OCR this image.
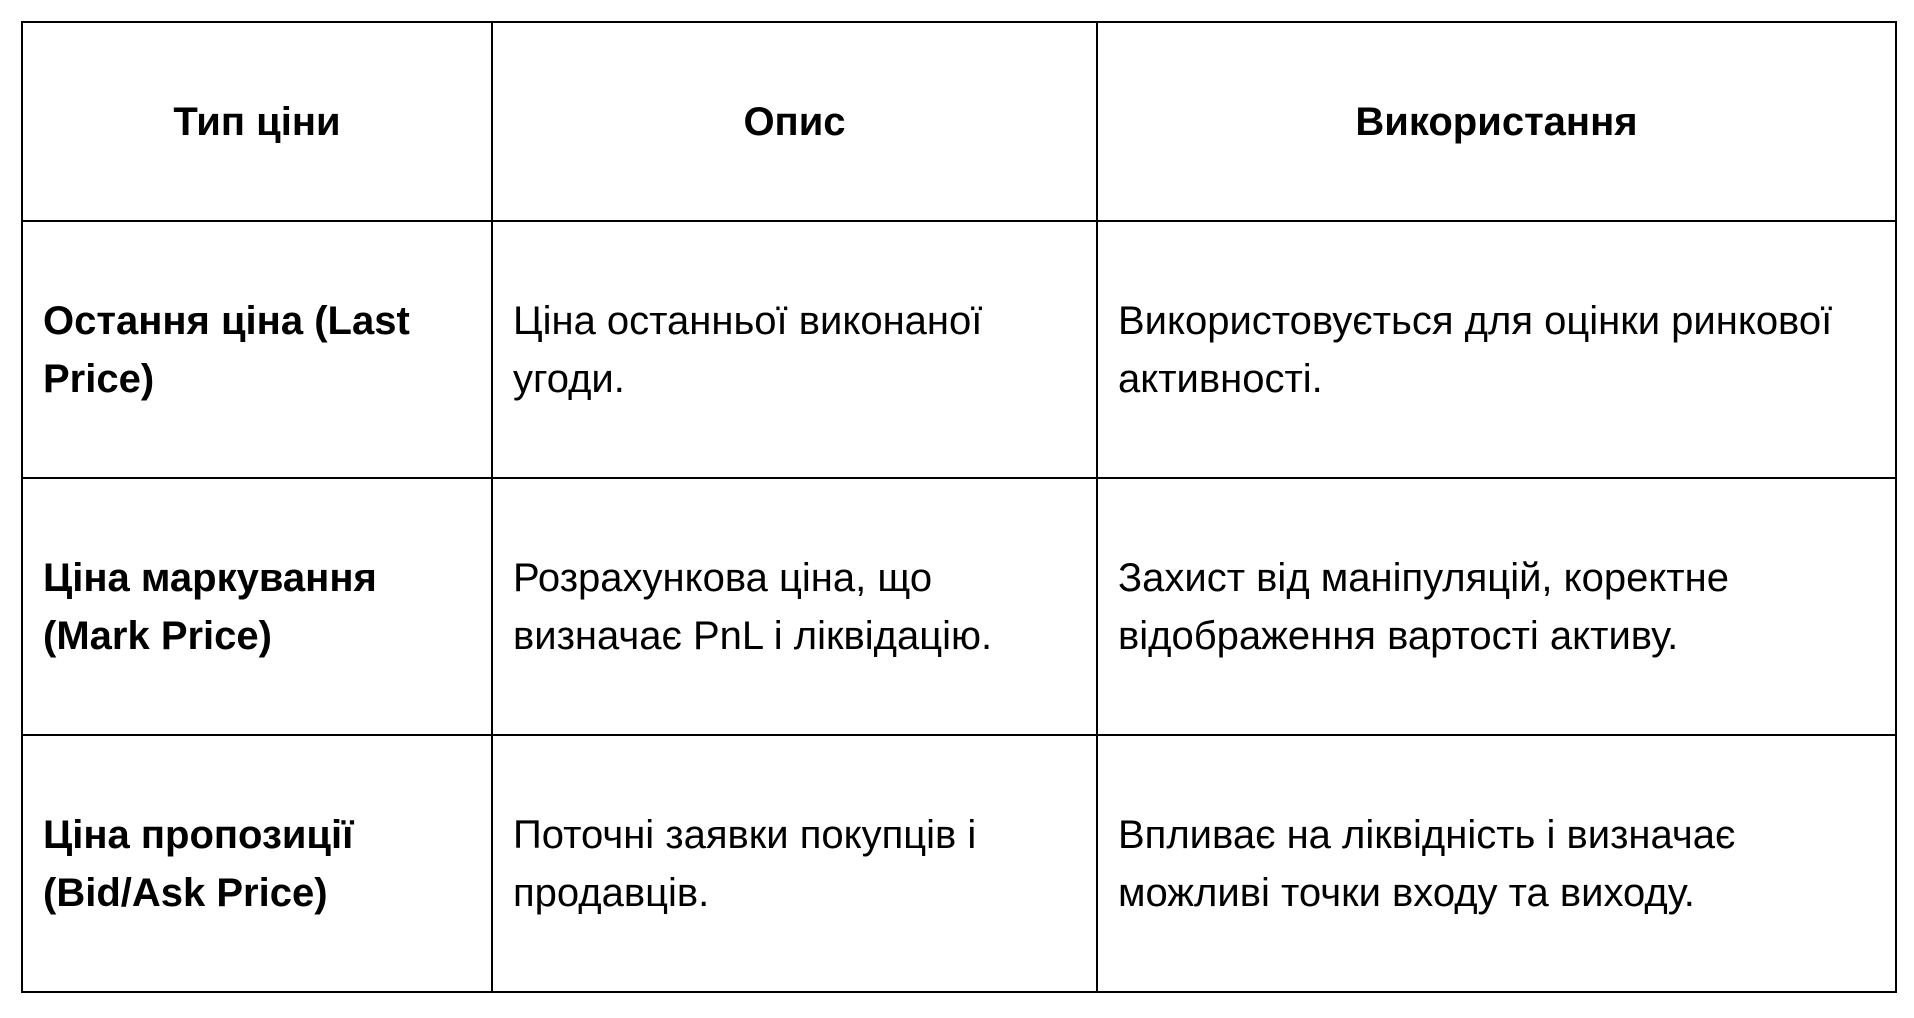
Тип ціни	Опис	Використання
Остання ціна (Last Price)	Ціна останньої виконаної угоди.	Використовується для оцінки ринкової активності.
Ціна маркування (Mark Price)	Розрахункова ціна, що визначає PnL і ліквідацію.	Захист від маніпуляцій, коректне відображення вартості активу.
Ціна пропозиції (Bid/Ask Price)	Поточні заявки покупців і продавців.	Впливає на ліквідність і визначає можливі точки входу та виходу.
